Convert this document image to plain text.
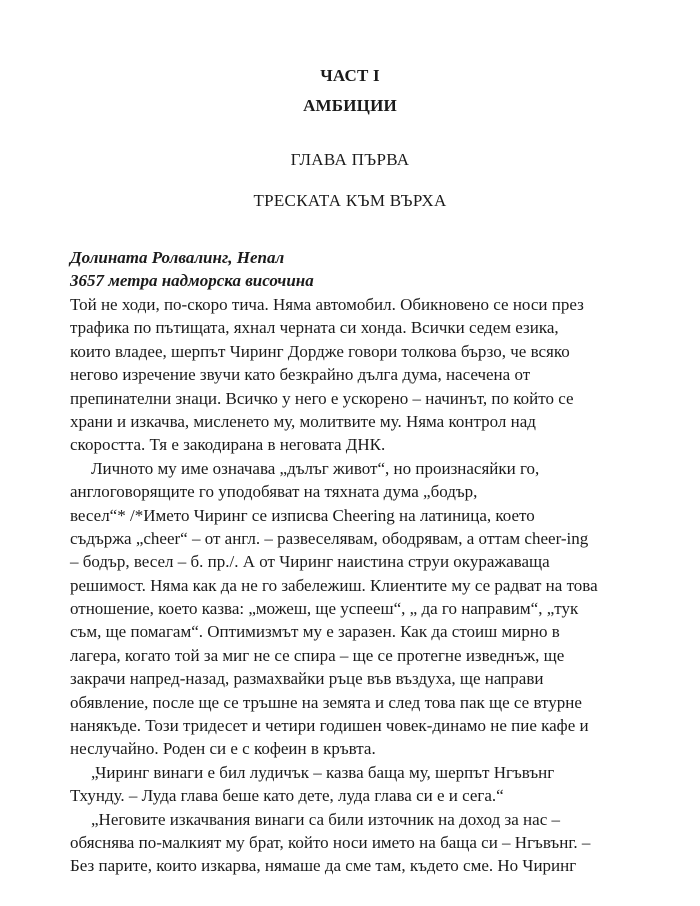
ЧАСТ I
АМБИЦИИ
ГЛАВА ПЪРВА
ТРЕСКАТА КЪМ ВЪРХА
Долината Ролвалинг, Непал
3657 метра надморска височина
Той не ходи, по-скоро тича. Няма автомобил. Обикновено се носи през
трафика по пътищата, яхнал черната си хонда. Всички седем езика,
които владее, шерпът Чиринг Дордже говори толкова бързо, че всяко
негово изречение звучи като безкрайно дълга дума, насечена от
препинателни знаци. Всичко у него е ускорено – начинът, по който се
храни и изкачва, мисленето му, молитвите му. Няма контрол над
скоростта. Тя е закодирана в неговата ДНК.
Личното му име означава „дълъг живот“, но произнасяйки го,
англоговорящите го уподобяват на тяхната дума „бодър,
весел“* /*Името Чиринг се изписва Cheering на латиница, което
съдържа „cheer“ – от англ. – развеселявам, ободрявам, а оттам cheer-ing
– бодър, весел – б. пр./. А от Чиринг наистина струи окуражаваща
решимост. Няма как да не го забележиш. Клиентите му се радват на това
отношение, което казва: „можеш, ще успееш“, „ да го направим“, „тук
съм, ще помагам“. Оптимизмът му е заразен. Как да стоиш мирно в
лагера, когато той за миг не се спира – ще се протегне изведнъж, ще
закрачи напред-назад, размахвайки ръце във въздуха, ще направи
обявление, после ще се тръшне на земята и след това пак ще се втурне
нанякъде. Този тридесет и четири годишен човек-динамо не пие кафе и
неслучайно. Роден си е с кофеин в кръвта.
„Чиринг винаги е бил лудичък – казва баща му, шерпът Нгъвънг
Тхунду. – Луда глава беше като дете, луда глава си е и сега.“
„Неговите изкачвания винаги са били източник на доход за нас –
обяснява по-малкият му брат, който носи името на баща си – Нгъвънг. –
Без парите, които изкарва, нямаше да сме там, където сме. Но Чиринг
